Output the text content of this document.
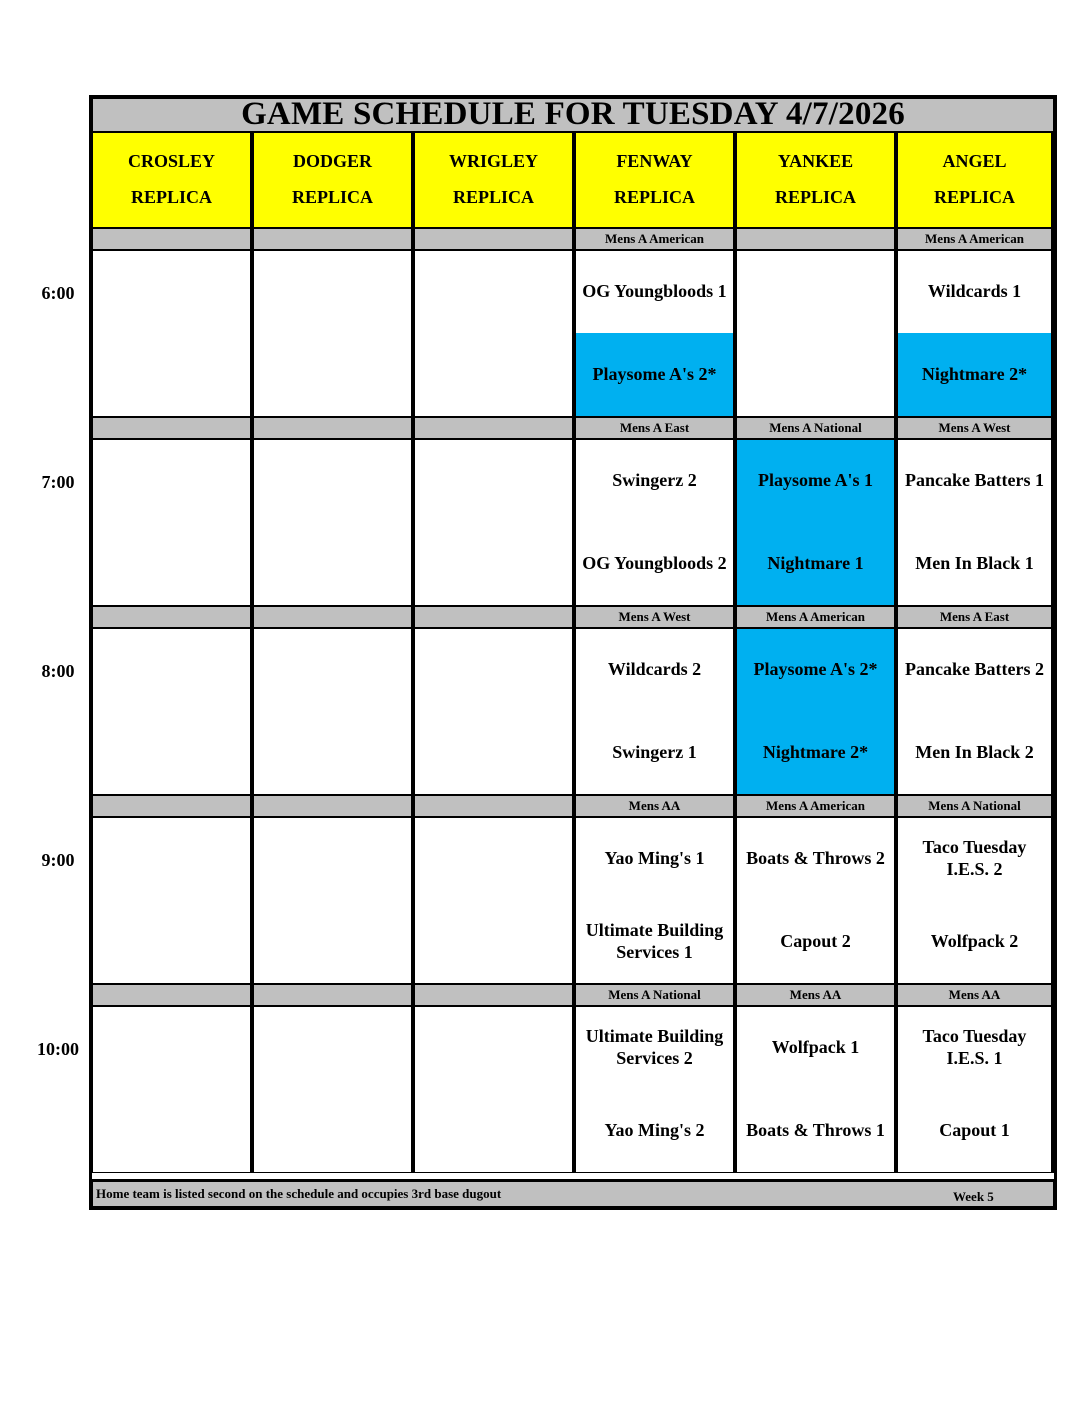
6:00
7:00
8:00
9:00
10:00
GAME SCHEDULE FOR TUESDAY 4/7/2026
CROSLEY
REPLICA
DODGER
REPLICA
WRIGLEY
REPLICA
FENWAY
REPLICA
YANKEE
REPLICA
ANGEL
REPLICA
Mens A American
OG Youngbloods 1
Playsome A's 2*
Mens A American
Wildcards 1
Nightmare 2*
Mens A East
Swingerz 2
OG Youngbloods 2
Mens A National
Playsome A's 1
Nightmare 1
Mens A West
Pancake Batters 1
Men In Black 1
Mens A West
Wildcards 2
Swingerz 1
Mens A American
Playsome A's 2*
Nightmare 2*
Mens A East
Pancake Batters 2
Men In Black 2
Mens AA
Yao Ming's 1
Ultimate Building Services 1
Mens A American
Boats & Throws 2
Capout 2
Mens A National
Taco Tuesday I.E.S. 2
Wolfpack 2
Mens A National
Ultimate Building Services 2
Yao Ming's 2
Mens AA
Wolfpack 1
Boats & Throws 1
Mens AA
Taco Tuesday I.E.S. 1
Capout 1
Home team is listed second on the schedule and occupies 3rd base dugout	Week 5
